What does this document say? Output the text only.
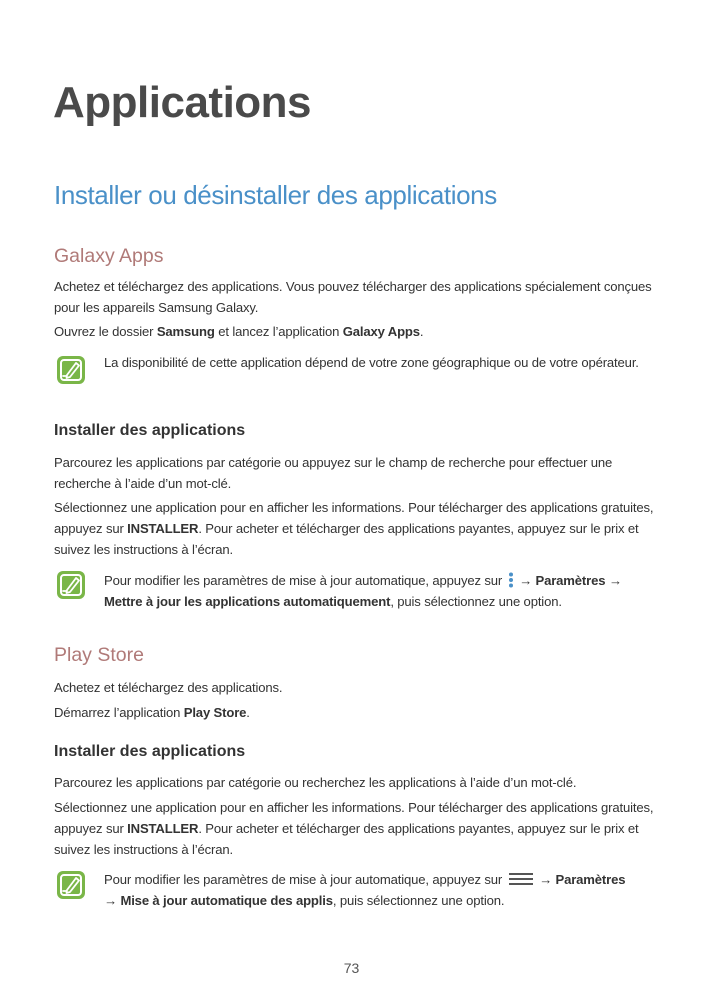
Applications
Installer ou désinstaller des applications
Galaxy Apps
Achetez et téléchargez des applications. Vous pouvez télécharger des applications spécialement conçues pour les appareils Samsung Galaxy.
Ouvrez le dossier Samsung et lancez l’application Galaxy Apps.
La disponibilité de cette application dépend de votre zone géographique ou de votre opérateur.
Installer des applications
Parcourez les applications par catégorie ou appuyez sur le champ de recherche pour effectuer une recherche à l’aide d’un mot-clé.
Sélectionnez une application pour en afficher les informations. Pour télécharger des applications gratuites, appuyez sur INSTALLER. Pour acheter et télécharger des applications payantes, appuyez sur le prix et suivez les instructions à l’écran.
Pour modifier les paramètres de mise à jour automatique, appuyez sur  → Paramètres → Mettre à jour les applications automatiquement, puis sélectionnez une option.
Play Store
Achetez et téléchargez des applications.
Démarrez l’application Play Store.
Installer des applications
Parcourez les applications par catégorie ou recherchez les applications à l’aide d’un mot-clé.
Sélectionnez une application pour en afficher les informations. Pour télécharger des applications gratuites, appuyez sur INSTALLER. Pour acheter et télécharger des applications payantes, appuyez sur le prix et suivez les instructions à l’écran.
Pour modifier les paramètres de mise à jour automatique, appuyez sur  → Paramètres
→ Mise à jour automatique des applis, puis sélectionnez une option.
73
